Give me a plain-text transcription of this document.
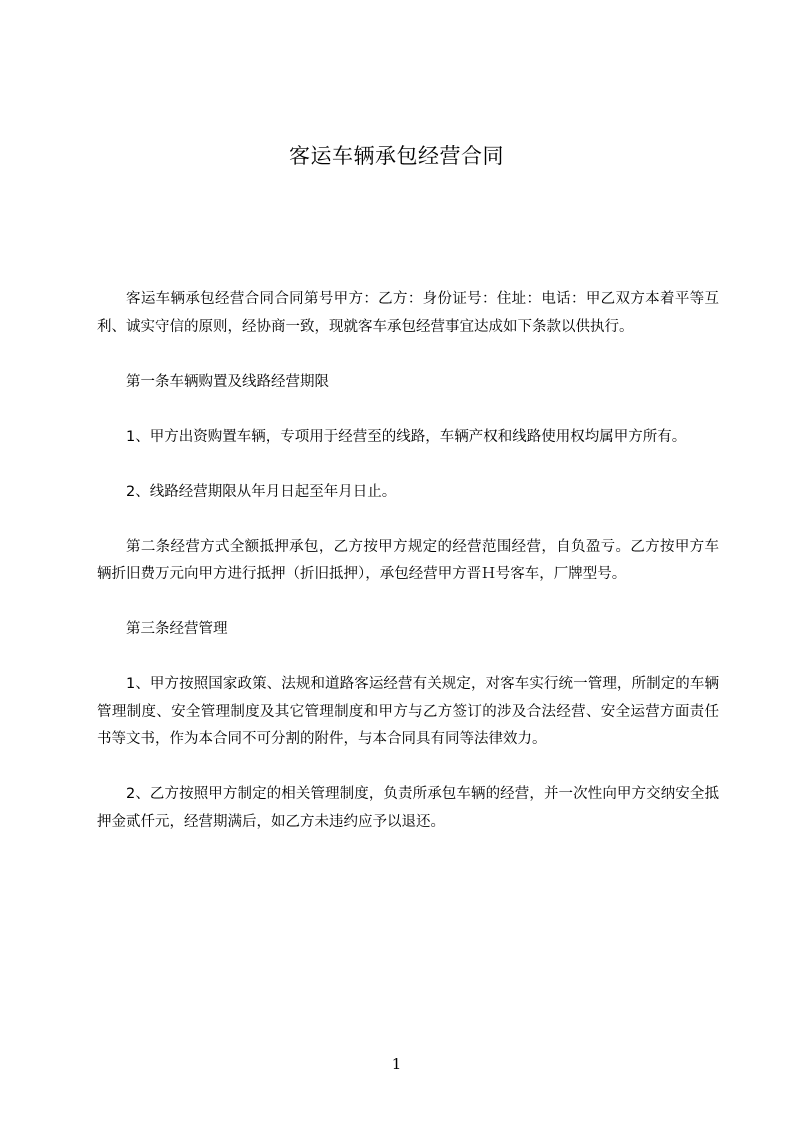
客运车辆承包经营合同

客运车辆承包经营合同合同第号甲方：乙方：身份证号：住址：电话：甲乙双方本着平等互利、诚实守信的原则，经协商一致，现就客车承包经营事宜达成如下条款以供执行。

第一条车辆购置及线路经营期限

1、甲方出资购置车辆，专项用于经营至的线路，车辆产权和线路使用权均属甲方所有。

2、线路经营期限从年月日起至年月日止。

第二条经营方式全额抵押承包，乙方按甲方规定的经营范围经营，自负盈亏。乙方按甲方车辆折旧费万元向甲方进行抵押（折旧抵押），承包经营甲方晋Ｈ号客车，厂牌型号。

第三条经营管理

1、甲方按照国家政策、法规和道路客运经营有关规定，对客车实行统一管理，所制定的车辆管理制度、安全管理制度及其它管理制度和甲方与乙方签订的涉及合法经营、安全运营方面责任书等文书，作为本合同不可分割的附件，与本合同具有同等法律效力。

2、乙方按照甲方制定的相关管理制度，负责所承包车辆的经营，并一次性向甲方交纳安全抵押金贰仟元，经营期满后，如乙方未违约应予以退还。

1
